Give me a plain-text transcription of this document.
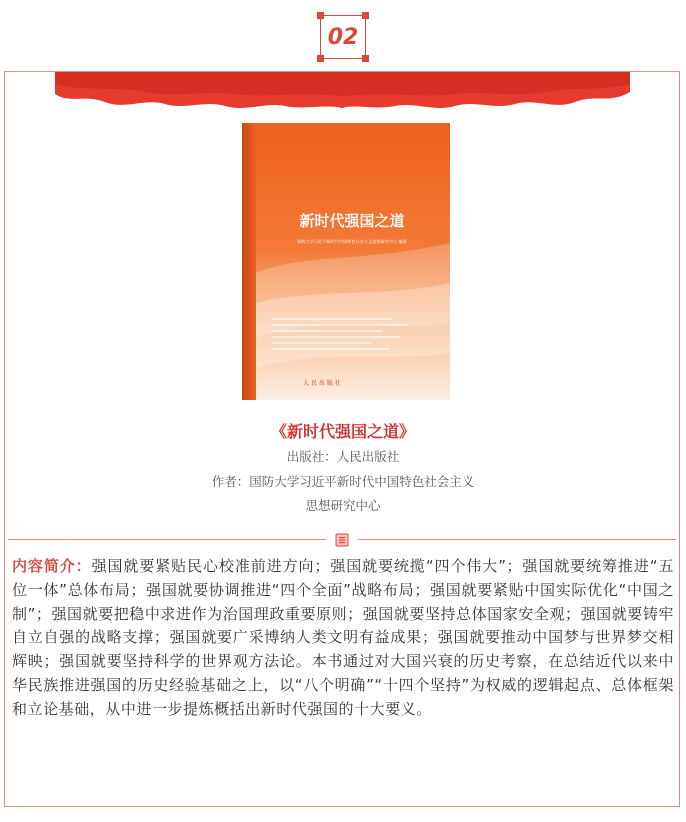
02
新时代强国之道
国防大学习近平新时代中国特色社会主义思想研究中心 编著
人 民 出 版 社
《新时代强国之道》
出版社：人民出版社
作者：国防大学习近平新时代中国特色社会主义
思想研究中心
内容简介：强国就要紧贴民心校准前进方向；强国就要统揽“四个伟大”；强国就要统筹推进“五位一体”总体布局；强国就要协调推进“四个全面”战略布局；强国就要紧贴中国实际优化“中国之制”；强国就要把稳中求进作为治国理政重要原则；强国就要坚持总体国家安全观；强国就要铸牢自立自强的战略支撑；强国就要广采博纳人类文明有益成果；强国就要推动中国梦与世界梦交相辉映；强国就要坚持科学的世界观方法论。本书通过对大国兴衰的历史考察，在总结近代以来中华民族推进强国的历史经验基础之上，以“八个明确”“十四个坚持”为权威的逻辑起点、总体框架和立论基础，从中进一步提炼概括出新时代强国的十大要义。
